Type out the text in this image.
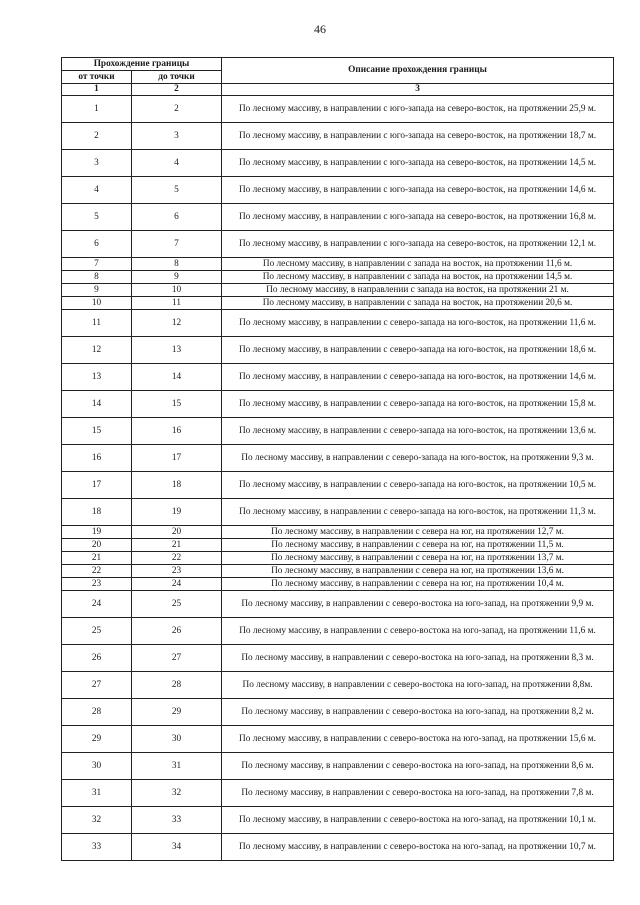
46
Прохождение границы		Описание прохождения границы
от точки	до точки	
1	2	3
1	2	По лесному массиву, в направлении с юго-запада на северо-восток, на протяжении 25,9 м.
2	3	По лесному массиву, в направлении с юго-запада на северо-восток, на протяжении 18,7 м.
3	4	По лесному массиву, в направлении с юго-запада на северо-восток, на протяжении 14,5 м.
4	5	По лесному массиву, в направлении с юго-запада на северо-восток, на протяжении 14,6 м.
5	6	По лесному массиву, в направлении с юго-запада на северо-восток, на протяжении 16,8 м.
6	7	По лесному массиву, в направлении с юго-запада на северо-восток, на протяжении 12,1 м.
7	8	По лесному массиву, в направлении с запада на восток, на протяжении 11,6 м.
8	9	По лесному массиву, в направлении с запада на восток, на протяжении 14,5 м.
9	10	По лесному массиву, в направлении с запада на восток, на протяжении 21 м.
10	11	По лесному массиву, в направлении с запада на восток, на протяжении 20,6 м.
11	12	По лесному массиву, в направлении с северо-запада на юго-восток, на протяжении 11,6 м.
12	13	По лесному массиву, в направлении с северо-запада на юго-восток, на протяжении 18,6 м.
13	14	По лесному массиву, в направлении с северо-запада на юго-восток, на протяжении 14,6 м.
14	15	По лесному массиву, в направлении с северо-запада на юго-восток, на протяжении 15,8 м.
15	16	По лесному массиву, в направлении с северо-запада на юго-восток, на протяжении 13,6 м.
16	17	По лесному массиву, в направлении с северо-запада на юго-восток, на протяжении 9,3 м.
17	18	По лесному массиву, в направлении с северо-запада на юго-восток, на протяжении 10,5 м.
18	19	По лесному массиву, в направлении с северо-запада на юго-восток, на протяжении 11,3 м.
19	20	По лесному массиву, в направлении с севера на юг, на протяжении 12,7 м.
20	21	По лесному массиву, в направлении с севера на юг, на протяжении 11,5 м.
21	22	По лесному массиву, в направлении с севера на юг, на протяжении 13,7 м.
22	23	По лесному массиву, в направлении с севера на юг, на протяжении 13,6 м.
23	24	По лесному массиву, в направлении с севера на юг, на протяжении 10,4 м.
24	25	По лесному массиву, в направлении с северо-востока на юго-запад, на протяжении 9,9 м.
25	26	По лесному массиву, в направлении с северо-востока на юго-запад, на протяжении 11,6 м.
26	27	По лесному массиву, в направлении с северо-востока на юго-запад, на протяжении 8,3 м.
27	28	По лесному массиву, в направлении с северо-востока на юго-запад, на протяжении 8,8м.
28	29	По лесному массиву, в направлении с северо-востока на юго-запад, на протяжении 8,2 м.
29	30	По лесному массиву, в направлении с северо-востока на юго-запад, на протяжении 15,6 м.
30	31	По лесному массиву, в направлении с северо-востока на юго-запад, на протяжении 8,6 м.
31	32	По лесному массиву, в направлении с северо-востока на юго-запад, на протяжении 7,8 м.
32	33	По лесному массиву, в направлении с северо-востока на юго-запад, на протяжении 10,1 м.
33	34	По лесному массиву, в направлении с северо-востока на юго-запад, на протяжении 10,7 м.
